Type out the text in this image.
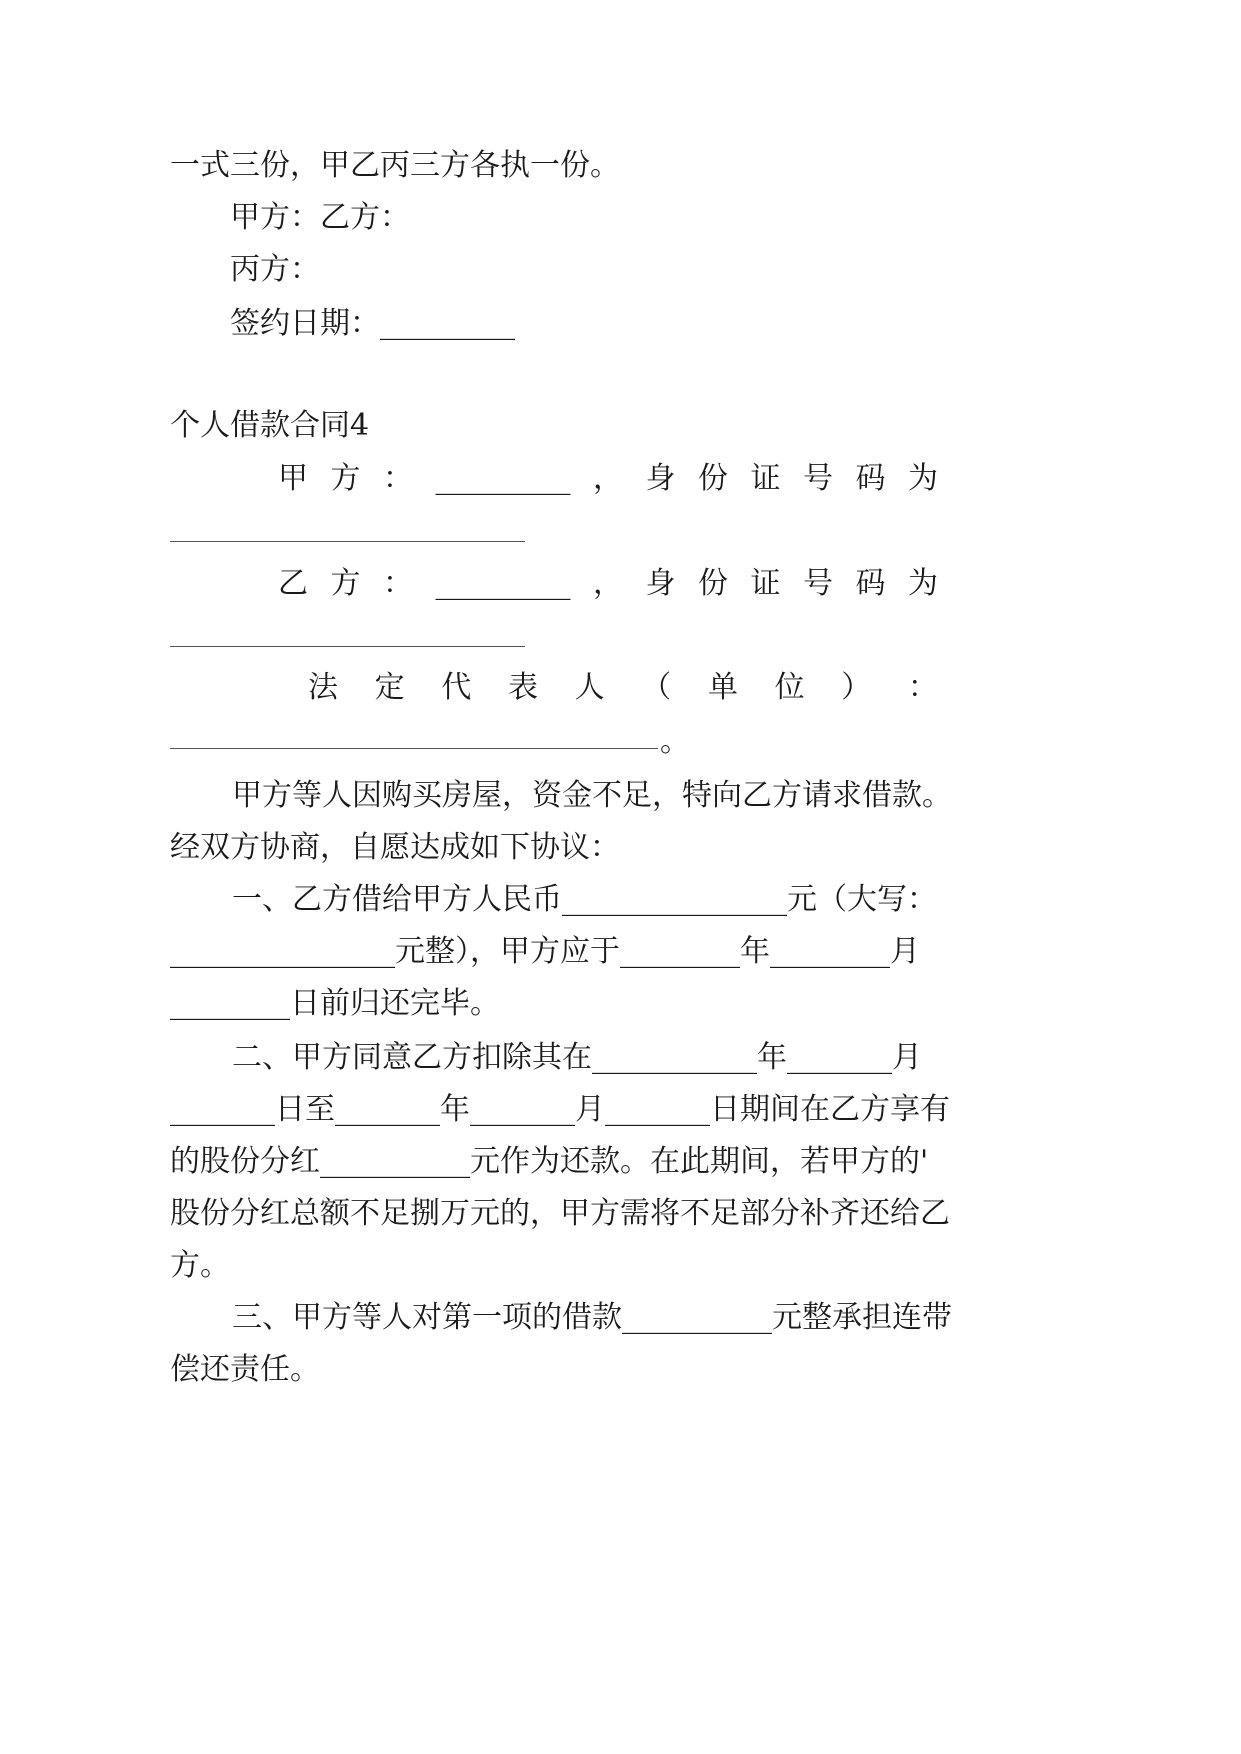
一式三份，甲乙丙三方各执一份。
甲方：乙方：
丙方：
签约日期：_________
个人借款合同4
甲 方 ： _________ ， 身 份 证 号 码 为
乙 方 ： _________ ， 身 份 证 号 码 为
法 定 代 表 人 （ 单 位 ） ：
。
甲方等人因购买房屋，资金不足，特向乙方请求借款。
经双方协商，自愿达成如下协议：
一、乙方借给甲方人民币_______________元（大写：
_______________元整），甲方应于________年________月
________日前归还完毕。
二、甲方同意乙方扣除其在___________年_______月
_______日至_______年_______月_______日期间在乙方享有
的股份分红__________元作为还款。在此期间，若甲方的'
股份分红总额不足捌万元的，甲方需将不足部分补齐还给乙
方。
三、甲方等人对第一项的借款__________元整承担连带
偿还责任。
